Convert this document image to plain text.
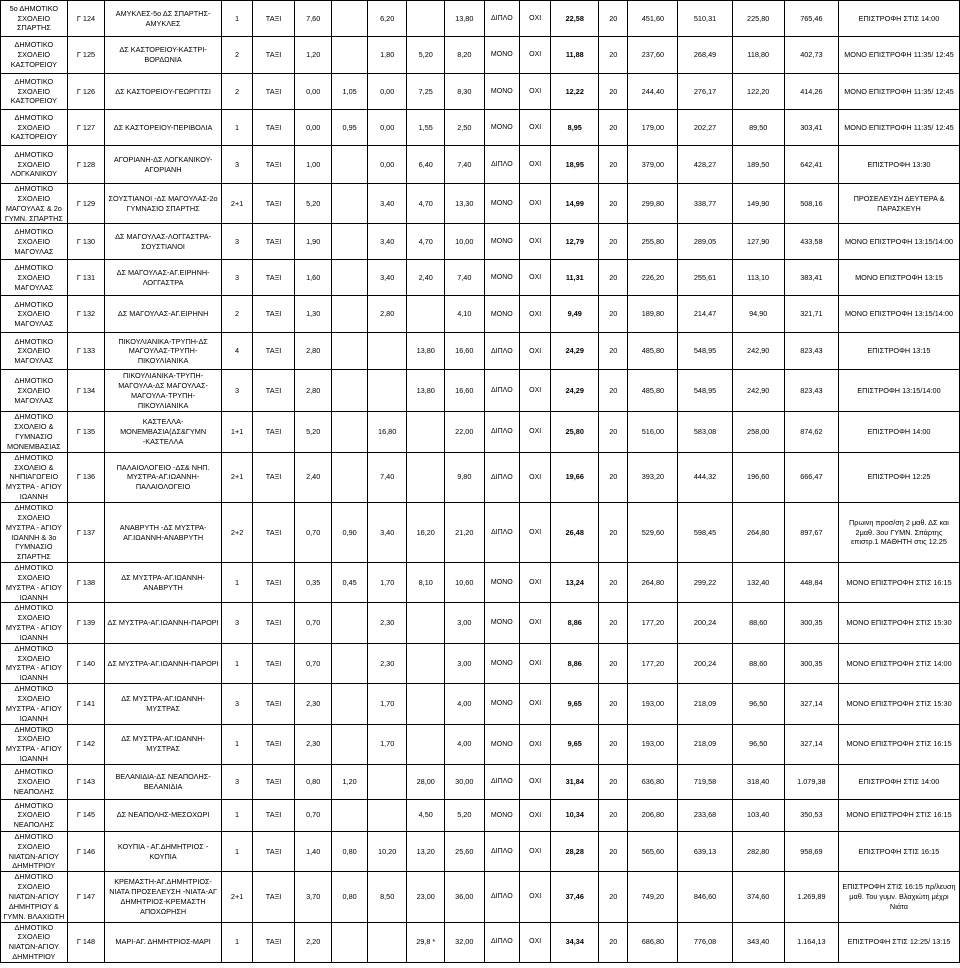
5ο ΔΗΜΟΤΙΚΟ ΣΧΟΛΕΙΟ ΣΠΑΡΤΗΣ	Γ 124	ΑΜΥΚΛΕΣ-5ο ΔΣ ΣΠΑΡΤΗΣ-ΑΜΥΚΛΕΣ	1	ΤΑΞΙ	7,60		6,20		13,80	ΔΙΠΛΟ	ΟΧΙ	22,58	20	451,60	510,31	225,80	765,46	ΕΠΙΣΤΡΟΦΗ ΣΤΙΣ 14:00
ΔΗΜΟΤΙΚΟ ΣΧΟΛΕΙΟ ΚΑΣΤΟΡΕΙΟΥ	Γ 125	ΔΣ ΚΑΣΤΟΡΕΙΟΥ-ΚΑΣΤΡΙ-ΒΟΡΔΩΝΙΑ	2	ΤΑΞΙ	1,20		1,80	5,20	8,20	ΜΟΝΟ	ΟΧΙ	11,88	20	237,60	268,49	118,80	402,73	ΜΟΝΟ ΕΠΙΣΤΡΟΦΗ 11:35/ 12:45
ΔΗΜΟΤΙΚΟ ΣΧΟΛΕΙΟ ΚΑΣΤΟΡΕΙΟΥ	Γ 126	ΔΣ ΚΑΣΤΟΡΕΙΟΥ-ΓΕΩΡΓΙΤΣΙ	2	ΤΑΞΙ	0,00	1,05	0,00	7,25	8,30	ΜΟΝΟ	ΟΧΙ	12,22	20	244,40	276,17	122,20	414,26	ΜΟΝΟ ΕΠΙΣΤΡΟΦΗ 11:35/ 12:45
ΔΗΜΟΤΙΚΟ ΣΧΟΛΕΙΟ ΚΑΣΤΟΡΕΙΟΥ	Γ 127	ΔΣ ΚΑΣΤΟΡΕΙΟΥ-ΠΕΡΙΒΟΛΙΑ	1	ΤΑΞΙ	0,00	0,95	0,00	1,55	2,50	ΜΟΝΟ	ΟΧΙ	8,95	20	179,00	202,27	89,50	303,41	ΜΟΝΟ ΕΠΙΣΤΡΟΦΗ 11:35/ 12:45
ΔΗΜΟΤΙΚΟ ΣΧΟΛΕΙΟ ΛΟΓΚΑΝΙΚΟΥ	Γ 128	ΑΓΟΡΙΑΝΗ-ΔΣ ΛΟΓΚΑΝΙΚΟΥ-ΑΓΟΡΙΑΝΗ	3	ΤΑΞΙ	1,00		0,00	6,40	7,40	ΔΙΠΛΟ	ΟΧΙ	18,95	20	379,00	428,27	189,50	642,41	ΕΠΙΣΤΡΟΦΗ 13:30
ΔΗΜΟΤΙΚΟ ΣΧΟΛΕΙΟ ΜΑΓΟΥΛΑΣ & 2ο ΓΥΜΝ. ΣΠΑΡΤΗΣ	Γ 129	ΣΟΥΣΤΙΑΝΟΙ -ΔΣ ΜΑΓΟΥΛΑΣ-2ο ΓΥΜΝΑΣΙΟ ΣΠΑΡΤΗΣ	2+1	ΤΑΞΙ	5,20		3,40	4,70	13,30	ΜΟΝΟ	ΟΧΙ	14,99	20	299,80	338,77	149,90	508,16	ΠΡΟΣΕΛΕΥΣΗ ΔΕΥΤΕΡΑ & ΠΑΡΑΣΚΕΥΗ
ΔΗΜΟΤΙΚΟ ΣΧΟΛΕΙΟ ΜΑΓΟΥΛΑΣ	Γ 130	ΔΣ ΜΑΓΟΥΛΑΣ-ΛΟΓΓΑΣΤΡΑ-ΣΟΥΣΤΙΑΝΟΙ	3	ΤΑΞΙ	1,90		3,40	4,70	10,00	ΜΟΝΟ	ΟΧΙ	12,79	20	255,80	289,05	127,90	433,58	ΜΟΝΟ ΕΠΙΣΤΡΟΦΗ 13:15/14:00
ΔΗΜΟΤΙΚΟ ΣΧΟΛΕΙΟ ΜΑΓΟΥΛΑΣ	Γ 131	ΔΣ ΜΑΓΟΥΛΑΣ-ΑΓ.ΕΙΡΗΝΗ-ΛΟΓΓΑΣΤΡΑ	3	ΤΑΞΙ	1,60		3,40	2,40	7,40	ΜΟΝΟ	ΟΧΙ	11,31	20	226,20	255,61	113,10	383,41	ΜΟΝΟ ΕΠΙΣΤΡΟΦΗ 13:15
ΔΗΜΟΤΙΚΟ ΣΧΟΛΕΙΟ ΜΑΓΟΥΛΑΣ	Γ 132	ΔΣ ΜΑΓΟΥΛΑΣ-ΑΓ.ΕΙΡΗΝΗ	2	ΤΑΞΙ	1,30		2,80		4,10	ΜΟΝΟ	ΟΧΙ	9,49	20	189,80	214,47	94,90	321,71	ΜΟΝΟ ΕΠΙΣΤΡΟΦΗ 13:15/14:00
ΔΗΜΟΤΙΚΟ ΣΧΟΛΕΙΟ ΜΑΓΟΥΛΑΣ	Γ 133	ΠΙΚΟΥΛΙΑΝΙΚΑ-ΤΡΥΠΗ-ΔΣ ΜΑΓΟΥΛΑΣ-ΤΡΥΠΗ-ΠΙΚΟΥΛΙΑΝΙΚΑ	4	ΤΑΞΙ	2,80			13,80	16,60	ΔΙΠΛΟ	ΟΧΙ	24,29	20	485,80	548,95	242,90	823,43	ΕΠΙΣΤΡΟΦΗ 13:15
ΔΗΜΟΤΙΚΟ ΣΧΟΛΕΙΟ ΜΑΓΟΥΛΑΣ	Γ 134	ΠΙΚΟΥΛΙΑΝΙΚΑ-ΤΡΥΠΗ-ΜΑΓΟΥΛΑ-ΔΣ ΜΑΓΟΥΛΑΣ-ΜΑΓΟΥΛΑ-ΤΡΥΠΗ-ΠΙΚΟΥΛΙΑΝΙΚΑ	3	ΤΑΞΙ	2,80			13,80	16,60	ΔΙΠΛΟ	ΟΧΙ	24,29	20	485,80	548,95	242,90	823,43	ΕΠΙΣΤΡΟΦΗ 13:15/14:00
ΔΗΜΟΤΙΚΟ ΣΧΟΛΕΙΟ & ΓΥΜΝΑΣΙΟ ΜΟΝΕΜΒΑΣΙΑΣ	Γ 135	ΚΑΣΤΕΛΛΑ-ΜΟΝΕΜΒΑΣΙΑ(ΔΣ&ΓΥΜΝ -ΚΑΣΤΕΛΛΑ	1+1	ΤΑΞΙ	5,20		16,80		22,00	ΔΙΠΛΟ	ΟΧΙ	25,80	20	516,00	583,08	258,00	874,62	ΕΠΙΣΤΡΟΦΗ 14:00
ΔΗΜΟΤΙΚΟ ΣΧΟΛΕΙΟ & ΝΗΠΙΑΓΩΓΕΙΟ ΜΥΣΤΡΑ - ΑΓΙΟΥ ΙΩΑΝΝΗ	Γ 136	ΠΑΛΑΙΟΛΟΓΕΙΟ -ΔΣ& ΝΗΠ. ΜΥΣΤΡΑ-ΑΓ.ΙΩΑΝΝΗ-ΠΑΛΑΙΟΛΟΓΕΙΟ	2+1	ΤΑΞΙ	2,40		7,40		9,80	ΔΙΠΛΟ	ΟΧΙ	19,66	20	393,20	444,32	196,60	666,47	ΕΠΙΣΤΡΟΦΗ 12:25
ΔΗΜΟΤΙΚΟ ΣΧΟΛΕΙΟ ΜΥΣΤΡΑ - ΑΓΙΟΥ ΙΩΑΝΝΗ & 3ο ΓΥΜΝΑΣΙΟ ΣΠΑΡΤΗΣ	Γ 137	ΑΝΑΒΡΥΤΗ -ΔΣ ΜΥΣΤΡΑ-ΑΓ.ΙΩΑΝΝΗ-ΑΝΑΒΡΥΤΗ	2+2	ΤΑΞΙ	0,70	0,90	3,40	16,20	21,20	ΔΙΠΛΟ	ΟΧΙ	26,48	20	529,60	598,45	264,80	897,67	Πρωινη προσ/ση 2 μαθ. ΔΣ και 2μαθ. 3ου ΓΥΜΝ. Σπάρτης επιστρ.1 ΜΑΘΗΤΗ στις 12.25
ΔΗΜΟΤΙΚΟ ΣΧΟΛΕΙΟ ΜΥΣΤΡΑ - ΑΓΙΟΥ ΙΩΑΝΝΗ	Γ 138	ΔΣ ΜΥΣΤΡΑ-ΑΓ.ΙΩΑΝΝΗ-ΑΝΑΒΡΥΤΗ	1	ΤΑΞΙ	0,35	0,45	1,70	8,10	10,60	ΜΟΝΟ	ΟΧΙ	13,24	20	264,80	299,22	132,40	448,84	ΜΟΝΟ ΕΠΙΣΤΡΟΦΗ ΣΤΙΣ 16:15
ΔΗΜΟΤΙΚΟ ΣΧΟΛΕΙΟ ΜΥΣΤΡΑ - ΑΓΙΟΥ ΙΩΑΝΝΗ	Γ 139	ΔΣ ΜΥΣΤΡΑ-ΑΓ.ΙΩΑΝΝΗ-ΠΑΡΟΡΙ	3	ΤΑΞΙ	0,70		2,30		3,00	ΜΟΝΟ	ΟΧΙ	8,86	20	177,20	200,24	88,60	300,35	ΜΟΝΟ ΕΠΙΣΤΡΟΦΗ ΣΤΙΣ 15:30
ΔΗΜΟΤΙΚΟ ΣΧΟΛΕΙΟ ΜΥΣΤΡΑ - ΑΓΙΟΥ ΙΩΑΝΝΗ	Γ 140	ΔΣ ΜΥΣΤΡΑ-ΑΓ.ΙΩΑΝΝΗ-ΠΑΡΟΡΙ	1	ΤΑΞΙ	0,70		2,30		3,00	ΜΟΝΟ	ΟΧΙ	8,86	20	177,20	200,24	88,60	300,35	ΜΟΝΟ ΕΠΙΣΤΡΟΦΗ ΣΤΙΣ 14:00
ΔΗΜΟΤΙΚΟ ΣΧΟΛΕΙΟ ΜΥΣΤΡΑ - ΑΓΙΟΥ ΙΩΑΝΝΗ	Γ 141	ΔΣ ΜΥΣΤΡΑ-ΑΓ.ΙΩΑΝΝΗ-ΜΥΣΤΡΑΣ	3	ΤΑΞΙ	2,30		1,70		4,00	ΜΟΝΟ	ΟΧΙ	9,65	20	193,00	218,09	96,50	327,14	ΜΟΝΟ ΕΠΙΣΤΡΟΦΗ ΣΤΙΣ 15:30
ΔΗΜΟΤΙΚΟ ΣΧΟΛΕΙΟ ΜΥΣΤΡΑ - ΑΓΙΟΥ ΙΩΑΝΝΗ	Γ 142	ΔΣ ΜΥΣΤΡΑ-ΑΓ.ΙΩΑΝΝΗ-ΜΥΣΤΡΑΣ	1	ΤΑΞΙ	2,30		1,70		4,00	ΜΟΝΟ	ΟΧΙ	9,65	20	193,00	218,09	96,50	327,14	ΜΟΝΟ ΕΠΙΣΤΡΟΦΗ ΣΤΙΣ 16:15
ΔΗΜΟΤΙΚΟ ΣΧΟΛΕΙΟ ΝΕΑΠΟΛΗΣ	Γ 143	ΒΕΛΑΝΙΔΙΑ-ΔΣ ΝΕΑΠΟΛΗΣ-ΒΕΛΑΝΙΔΙΑ	3	ΤΑΞΙ	0,80	1,20		28,00	30,00	ΔΙΠΛΟ	ΟΧΙ	31,84	20	636,80	719,58	318,40	1.079,38	ΕΠΙΣΤΡΟΦΗ ΣΤΙΣ 14:00
ΔΗΜΟΤΙΚΟ ΣΧΟΛΕΙΟ ΝΕΑΠΟΛΗΣ	Γ 145	ΔΣ ΝΕΑΠΟΛΗΣ-ΜΕΣΟΧΩΡΙ	1	ΤΑΞΙ	0,70			4,50	5,20	ΜΟΝΟ	ΟΧΙ	10,34	20	206,80	233,68	103,40	350,53	ΜΟΝΟ ΕΠΙΣΤΡΟΦΗ ΣΤΙΣ 16:15
ΔΗΜΟΤΙΚΟ ΣΧΟΛΕΙΟ ΝΙΑΤΩΝ-ΑΓΙΟΥ ΔΗΜΗΤΡΙΟΥ	Γ 146	ΚΟΥΠΙΑ - ΑΓ.ΔΗΜΗΤΡΙΟΣ - ΚΟΥΠΙΑ	1	ΤΑΞΙ	1,40	0,80	10,20	13,20	25,60	ΔΙΠΛΟ	ΟΧΙ	28,28	20	565,60	639,13	282,80	958,69	ΕΠΙΣΤΡΟΦΗ ΣΤΙΣ 16:15
ΔΗΜΟΤΙΚΟ ΣΧΟΛΕΙΟ ΝΙΑΤΩΝ-ΑΓΙΟΥ ΔΗΜΗΤΡΙΟΥ & ΓΥΜΝ. ΒΛΑΧΙΩΤΗ	Γ 147	ΚΡΕΜΑΣΤΗ-ΑΓ.ΔΗΜΗΤΡΙΟΣ-ΝΙΑΤΑ ΠΡΟΣΕΛΕΥΣΗ -ΝΙΑΤΑ-ΑΓ ΔΗΜΗΤΡΙΟΣ-ΚΡΕΜΑΣΤΗ ΑΠΟΧΩΡΗΣΗ	2+1	ΤΑΞΙ	3,70	0,80	8,50	23,00	36,00	ΔΙΠΛΟ	ΟΧΙ	37,46	20	749,20	846,60	374,60	1.269,89	ΕΠΙΣΤΡΟΦΗ ΣΤΙΣ 16:15 πρ/λευση μαθ. Του γυμν. Βλαχιώτη μέχρι Νιάτα
ΔΗΜΟΤΙΚΟ ΣΧΟΛΕΙΟ ΝΙΑΤΩΝ-ΑΓΙΟΥ ΔΗΜΗΤΡΙΟΥ	Γ 148	ΜΑΡΙ-ΑΓ. ΔΗΜΗΤΡΙΟΣ-ΜΑΡΙ	1	ΤΑΞΙ	2,20			29,8 *	32,00	ΔΙΠΛΟ	ΟΧΙ	34,34	20	686,80	776,08	343,40	1.164,13	ΕΠΙΣΤΡΟΦΗ ΣΤΙΣ 12:25/ 13:15
